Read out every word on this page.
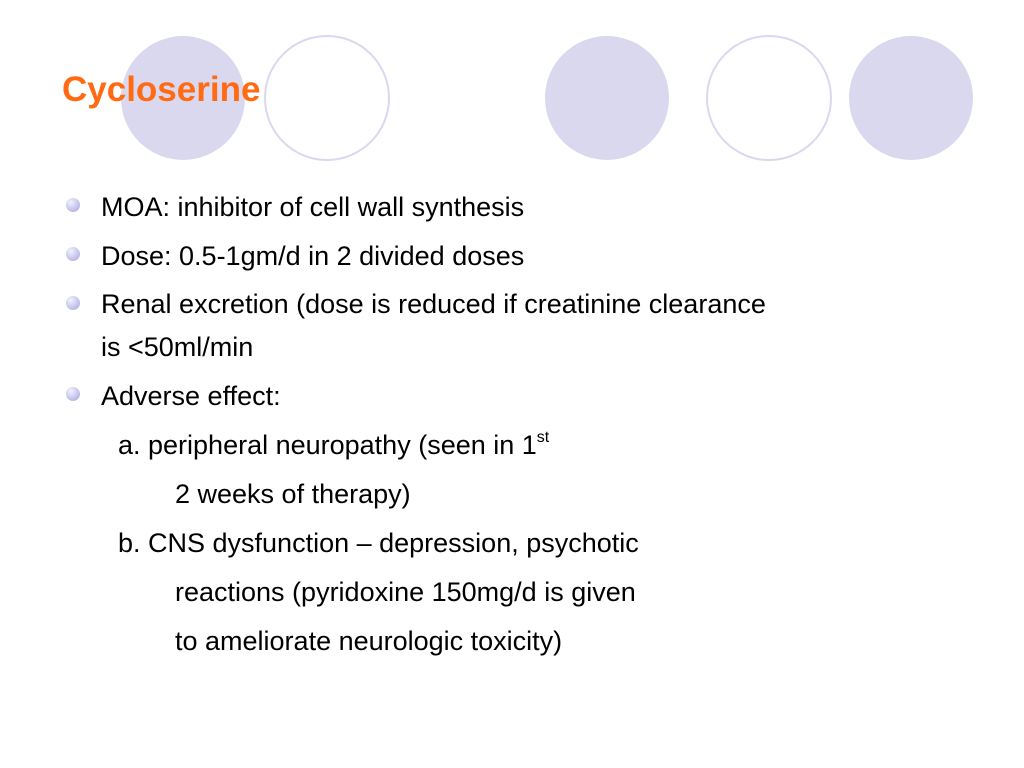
Cycloserine
MOA: inhibitor of cell wall synthesis
Dose: 0.5-1gm/d in 2 divided doses
Renal excretion (dose is reduced if creatinine clearance
is <50ml/min
Adverse effect:
a. peripheral neuropathy (seen in 1st
2 weeks of therapy)
b. CNS dysfunction – depression, psychotic
reactions (pyridoxine 150mg/d is given
to ameliorate neurologic toxicity)
